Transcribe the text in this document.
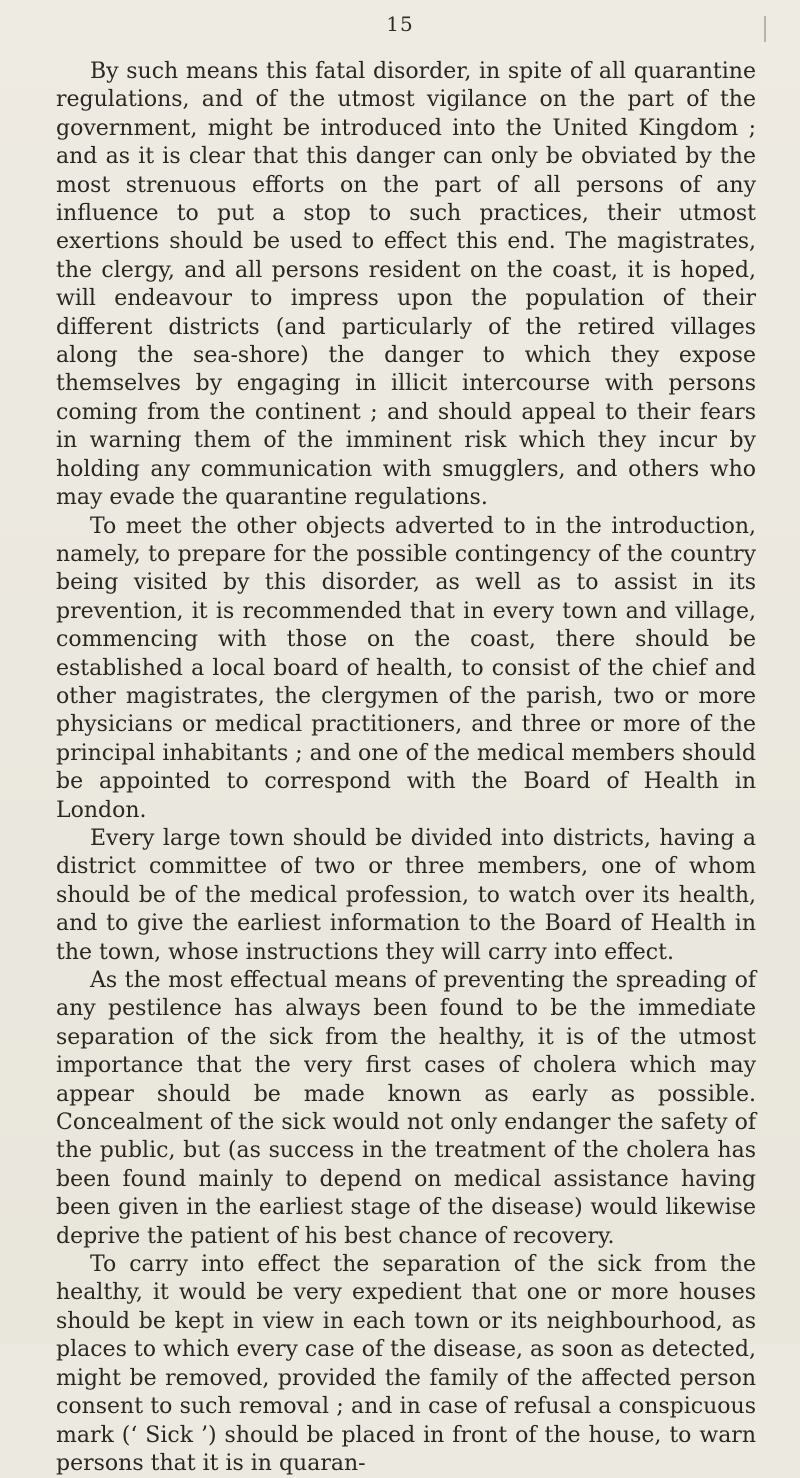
15

By such means this fatal disorder, in spite of all quarantine regulations, and of the utmost vigilance on the part of the government, might be introduced into the United Kingdom ; and as it is clear that this danger can only be obviated by the most strenuous efforts on the part of all persons of any influence to put a stop to such practices, their utmost exertions should be used to effect this end. The magistrates, the clergy, and all persons resident on the coast, it is hoped, will endeavour to impress upon the population of their different districts (and particularly of the retired villages along the sea-shore) the danger to which they expose themselves by engaging in illicit intercourse with persons coming from the continent ; and should appeal to their fears in warning them of the imminent risk which they incur by holding any communication with smugglers, and others who may evade the quarantine regulations.

To meet the other objects adverted to in the introduction, namely, to prepare for the possible contingency of the country being visited by this disorder, as well as to assist in its prevention, it is recommended that in every town and village, commencing with those on the coast, there should be established a local board of health, to consist of the chief and other magistrates, the clergymen of the parish, two or more physicians or medical practitioners, and three or more of the principal inhabitants ; and one of the medical members should be appointed to correspond with the Board of Health in London.

Every large town should be divided into districts, having a district committee of two or three members, one of whom should be of the medical profession, to watch over its health, and to give the earliest information to the Board of Health in the town, whose instructions they will carry into effect.

As the most effectual means of preventing the spreading of any pestilence has always been found to be the immediate separation of the sick from the healthy, it is of the utmost importance that the very first cases of cholera which may appear should be made known as early as possible. Concealment of the sick would not only endanger the safety of the public, but (as success in the treatment of the cholera has been found mainly to depend on medical assistance having been given in the earliest stage of the disease) would likewise deprive the patient of his best chance of recovery.

To carry into effect the separation of the sick from the healthy, it would be very expedient that one or more houses should be kept in view in each town or its neighbourhood, as places to which every case of the disease, as soon as detected, might be removed, provided the family of the affected person consent to such removal ; and in case of refusal a conspicuous mark (‘ Sick ’) should be placed in front of the house, to warn persons that it is in quaran-
